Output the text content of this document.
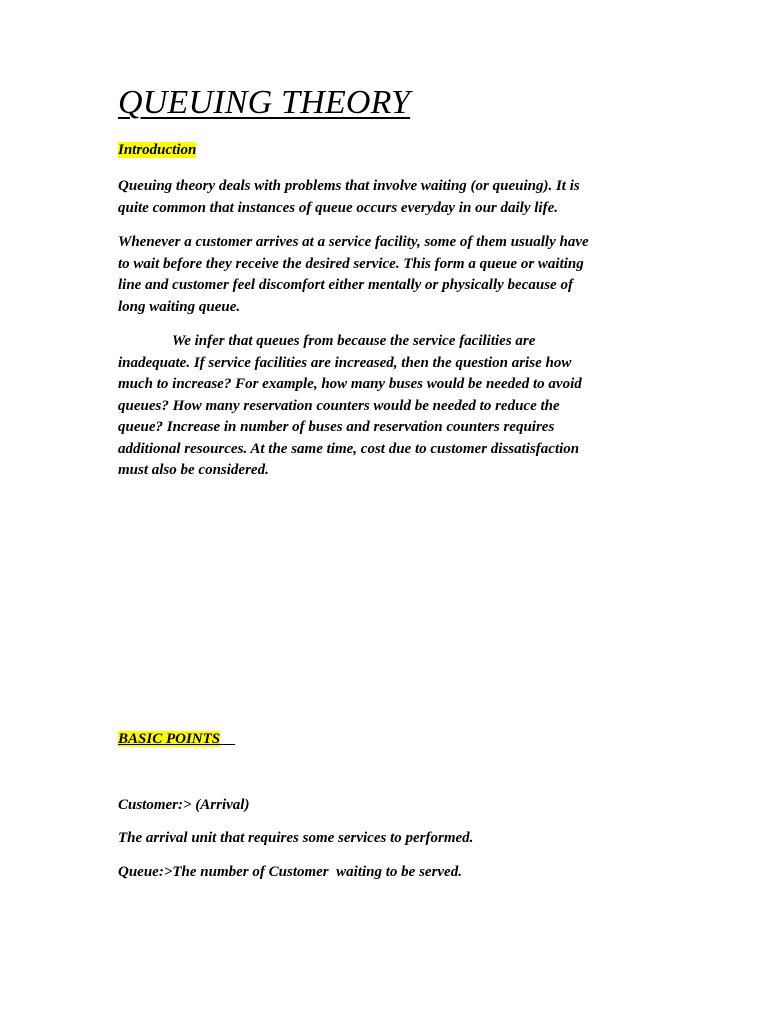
QUEUING THEORY
Introduction

Queuing theory deals with problems that involve waiting (or queuing). It is
quite common that instances of queue occurs everyday in our daily life.

Whenever a customer arrives at a service facility, some of them usually have
to wait before they receive the desired service. This form a queue or waiting
line and customer feel discomfort either mentally or physically because of
long waiting queue.

We infer that queues from because the service facilities are
inadequate. If service facilities are increased, then the question arise how
much to increase? For example, how many buses would be needed to avoid
queues? How many reservation counters would be needed to reduce the
queue? Increase in number of buses and reservation counters requires
additional resources. At the same time, cost due to customer dissatisfaction
must also be considered.

BASIC POINTS

Customer:> (Arrival)

The arrival unit that requires some services to performed.

Queue:>The number of Customer  waiting to be served.
